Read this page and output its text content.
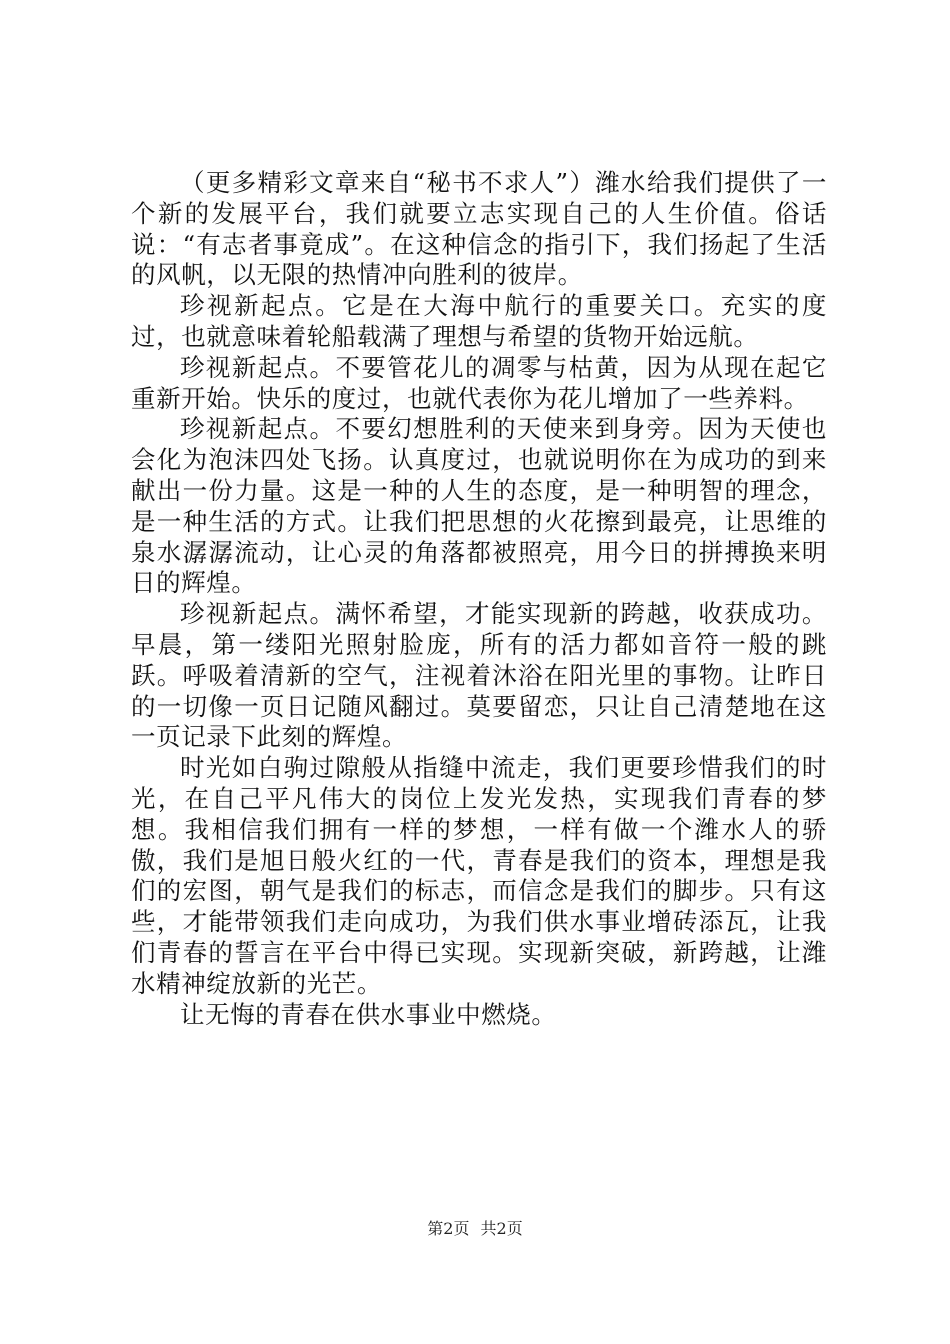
（更多精彩文章来自“秘书不求人”）潍水给我们提供了一个新的发展平台，我们就要立志实现自己的人生价值。俗话说：“有志者事竟成”。在这种信念的指引下，我们扬起了生活的风帆，以无限的热情冲向胜利的彼岸。

珍视新起点。它是在大海中航行的重要关口。充实的度过，也就意味着轮船载满了理想与希望的货物开始远航。

珍视新起点。不要管花儿的凋零与枯黄，因为从现在起它重新开始。快乐的度过，也就代表你为花儿增加了一些养料。

珍视新起点。不要幻想胜利的天使来到身旁。因为天使也会化为泡沫四处飞扬。认真度过，也就说明你在为成功的到来献出一份力量。这是一种的人生的态度，是一种明智的理念，是一种生活的方式。让我们把思想的火花擦到最亮，让思维的泉水潺潺流动，让心灵的角落都被照亮，用今日的拼搏换来明日的辉煌。

珍视新起点。满怀希望，才能实现新的跨越，收获成功。早晨，第一缕阳光照射脸庞，所有的活力都如音符一般的跳跃。呼吸着清新的空气，注视着沐浴在阳光里的事物。让昨日的一切像一页日记随风翻过。莫要留恋，只让自己清楚地在这一页记录下此刻的辉煌。

时光如白驹过隙般从指缝中流走，我们更要珍惜我们的时光，在自己平凡伟大的岗位上发光发热，实现我们青春的梦想。我相信我们拥有一样的梦想，一样有做一个潍水人的骄傲，我们是旭日般火红的一代，青春是我们的资本，理想是我们的宏图，朝气是我们的标志，而信念是我们的脚步。只有这些，才能带领我们走向成功，为我们供水事业增砖添瓦，让我们青春的誓言在平台中得已实现。实现新突破，新跨越，让潍水精神绽放新的光芒。

让无悔的青春在供水事业中燃烧。

第2页 共2页
